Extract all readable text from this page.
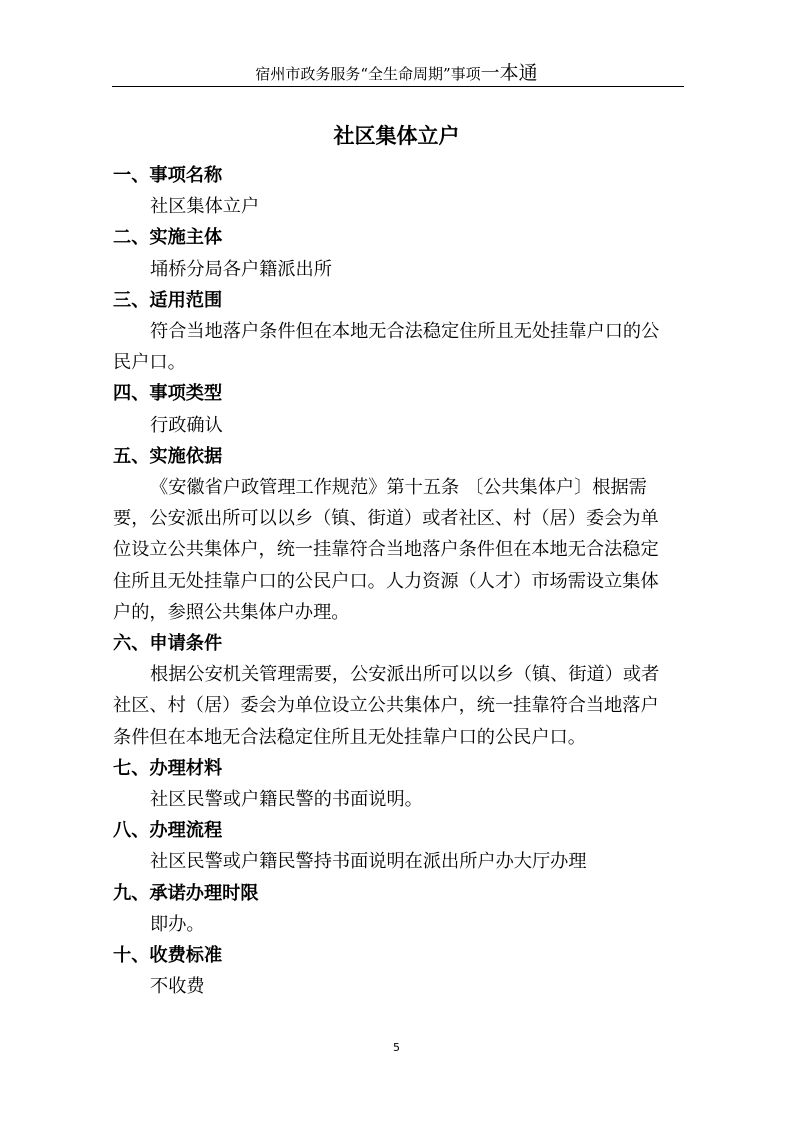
宿州市政务服务“全生命周期”事项一本通
社区集体立户
一、事项名称
社区集体立户
二、实施主体
埇桥分局各户籍派出所
三、适用范围
符合当地落户条件但在本地无合法稳定住所且无处挂靠户口的公
民户口。
四、事项类型
行政确认
五、实施依据
《安徽省户政管理工作规范》第十五条 〔公共集体户〕根据需
要，公安派出所可以以乡（镇、街道）或者社区、村（居）委会为单
位设立公共集体户，统一挂靠符合当地落户条件但在本地无合法稳定
住所且无处挂靠户口的公民户口。人力资源（人才）市场需设立集体
户的，参照公共集体户办理。
六、申请条件
根据公安机关管理需要，公安派出所可以以乡（镇、街道）或者
社区、村（居）委会为单位设立公共集体户，统一挂靠符合当地落户
条件但在本地无合法稳定住所且无处挂靠户口的公民户口。
七、办理材料
社区民警或户籍民警的书面说明。
八、办理流程
社区民警或户籍民警持书面说明在派出所户办大厅办理
九、承诺办理时限
即办。
十、收费标准
不收费
5
